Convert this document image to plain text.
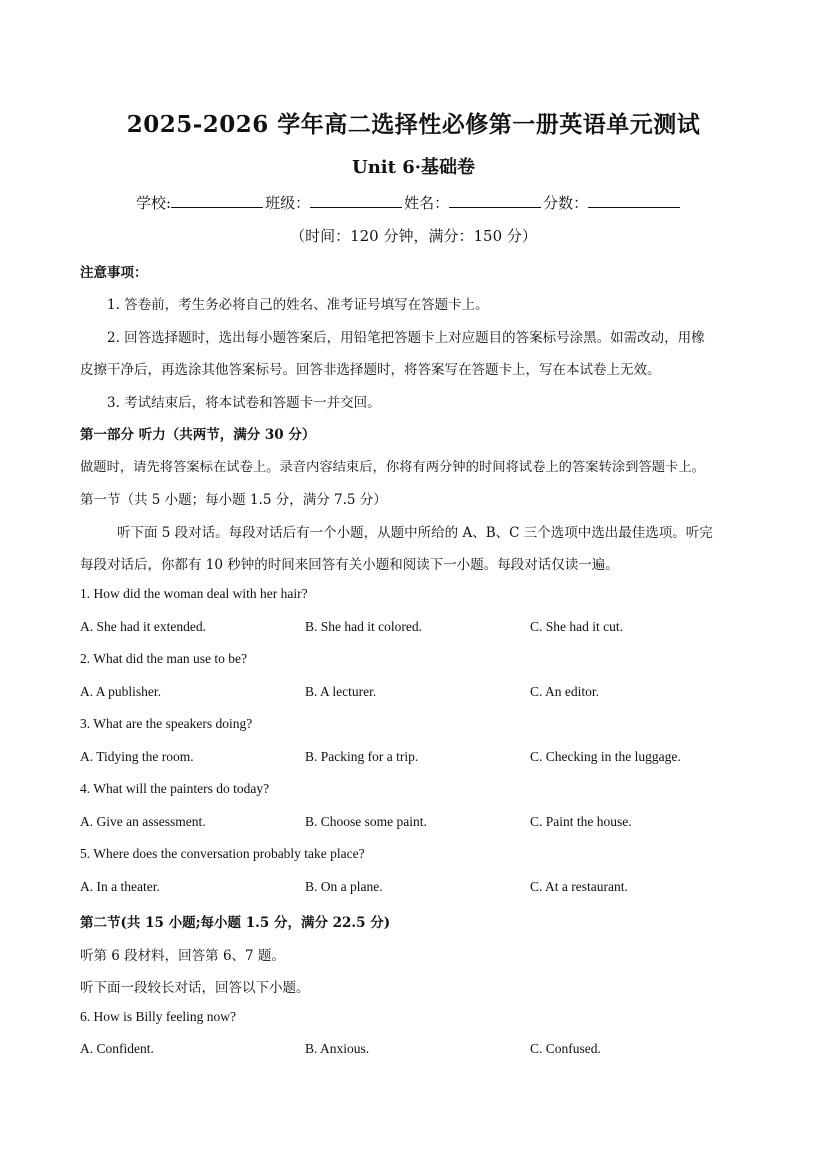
2025-2026 学年高二选择性必修第一册英语单元测试
Unit 6·基础卷
学校:	班级：	姓名：	分数：
（时间：120 分钟，满分：150 分）
注意事项：
1. 答卷前，考生务必将自己的姓名、准考证号填写在答题卡上。
2. 回答选择题时，选出每小题答案后，用铅笔把答题卡上对应题目的答案标号涂黑。如需改动，用橡
皮擦干净后，再选涂其他答案标号。回答非选择题时，将答案写在答题卡上，写在本试卷上无效。
3. 考试结束后，将本试卷和答题卡一并交回。
第一部分 听力（共两节，满分 30 分）
做题时，请先将答案标在试卷上。录音内容结束后，你将有两分钟的时间将试卷上的答案转涂到答题卡上。
第一节（共 5 小题；每小题 1.5 分，满分 7.5 分）
听下面 5 段对话。每段对话后有一个小题，从题中所给的 A、B、C 三个选项中选出最佳选项。听完
每段对话后，你都有 10 秒钟的时间来回答有关小题和阅读下一小题。每段对话仅读一遍。
1. How did the woman deal with her hair?
A. She had it extended.	B. She had it colored.	C. She had it cut.
2. What did the man use to be?
A. A publisher.	B. A lecturer.	C. An editor.
3. What are the speakers doing?
A. Tidying the room.	B. Packing for a trip.	C. Checking in the luggage.
4. What will the painters do today?
A. Give an assessment.	B. Choose some paint.	C. Paint the house.
5. Where does the conversation probably take place?
A. In a theater.	B. On a plane.	C. At a restaurant.
第二节(共 15 小题;每小题 1.5 分，满分 22.5 分)
听第 6 段材料，回答第 6、7 题。
听下面一段较长对话，回答以下小题。
6. How is Billy feeling now?
A. Confident.	B. Anxious.	C. Confused.
